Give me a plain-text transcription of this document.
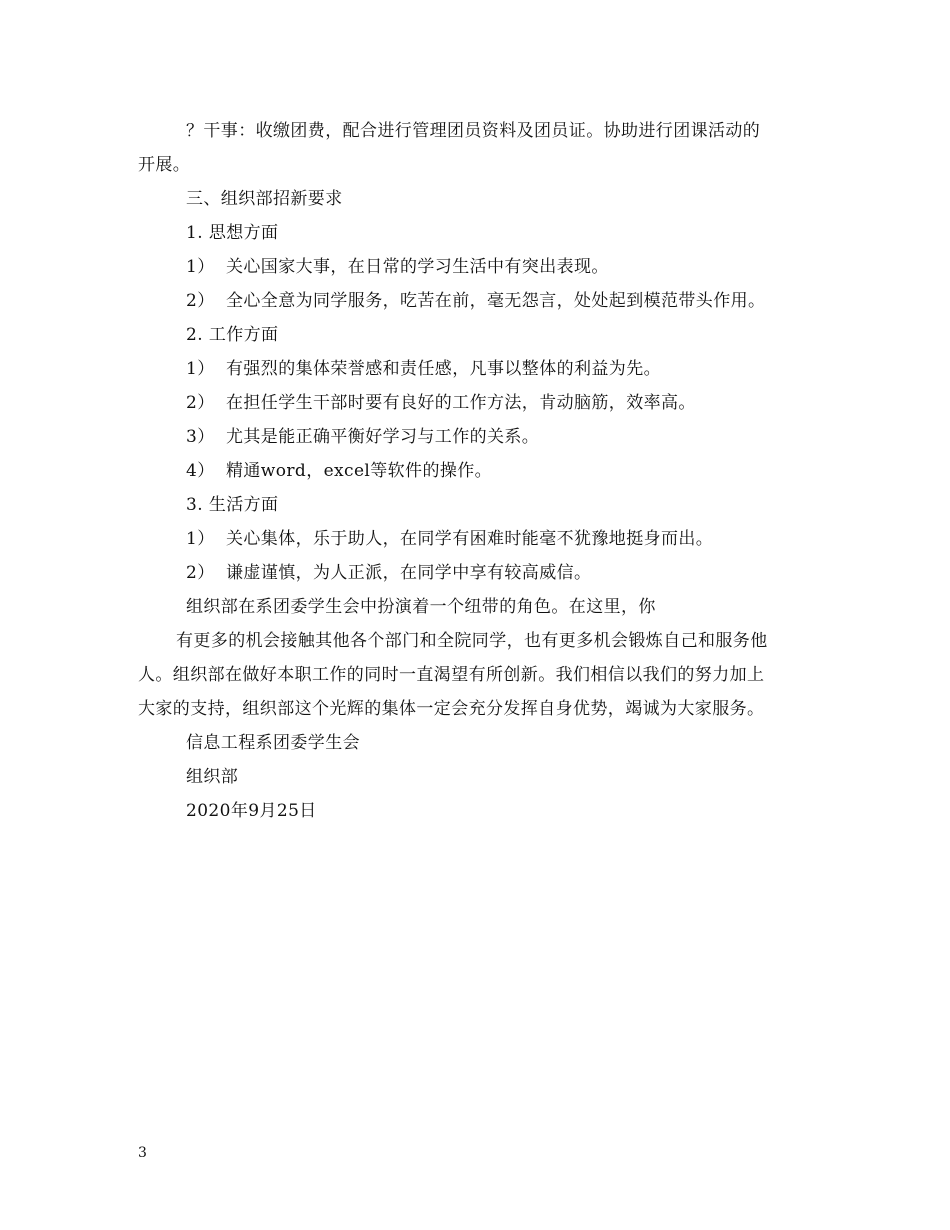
？干事：收缴团费，配合进行管理团员资料及团员证。协助进行团课活动的
开展。
三、组织部招新要求
1. 思想方面
1） 关心国家大事，在日常的学习生活中有突出表现。
2） 全心全意为同学服务，吃苦在前，毫无怨言，处处起到模范带头作用。
2. 工作方面
1） 有强烈的集体荣誉感和责任感，凡事以整体的利益为先。
2） 在担任学生干部时要有良好的工作方法，肯动脑筋，效率高。
3） 尤其是能正确平衡好学习与工作的关系。
4） 精通word，excel等软件的操作。
3. 生活方面
1） 关心集体，乐于助人，在同学有困难时能毫不犹豫地挺身而出。
2） 谦虚谨慎，为人正派，在同学中享有较高威信。
组织部在系团委学生会中扮演着一个纽带的角色。在这里，你
有更多的机会接触其他各个部门和全院同学，也有更多机会锻炼自己和服务他
人。组织部在做好本职工作的同时一直渴望有所创新。我们相信以我们的努力加上
大家的支持，组织部这个光辉的集体一定会充分发挥自身优势，竭诚为大家服务。
信息工程系团委学生会
组织部
2020年9月25日
3
